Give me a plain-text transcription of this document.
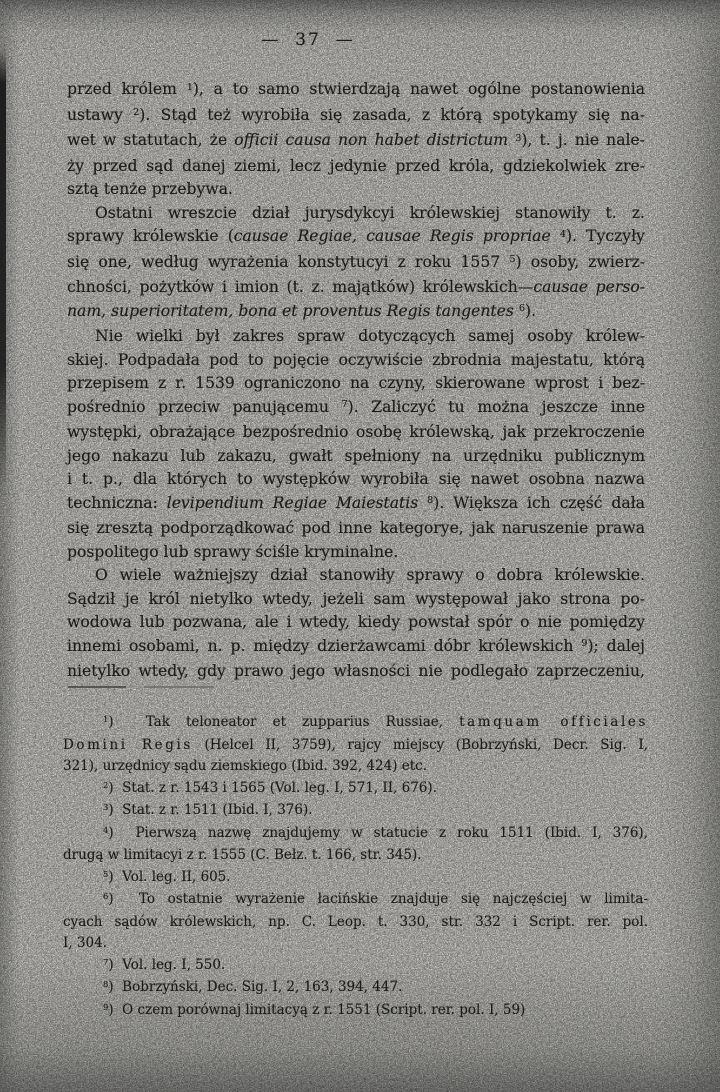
—  37  —
przed królem $^1$), a to samo stwierdzają nawet ogólne postanowienia
ustawy $^2$). Stąd też wyrobiła się zasada, z którą spotykamy się na-
wet w statutach, że officii causa non habet districtum $^3$), t. j. nie nale-
ży przed sąd danej ziemi, lecz jedynie przed króla, gdziekolwiek zre-
sztą tenże przebywa.
Ostatni wreszcie dział jurysdykcyi królewskiej stanowiły t. z.
sprawy królewskie (causae Regiae, causae Regis propriae $^4$). Tyczyły
się one, według wyrażenia konstytucyi z roku 1557 $^5$) osoby, zwierz-
chności, pożytków i imion (t. z. majątków) królewskich—causae perso-
nam, superioritatem, bona et proventus Regis tangentes $^6$).
Nie wielki był zakres spraw dotyczących samej osoby królew-
skiej. Podpadała pod to pojęcie oczywiście zbrodnia majestatu, którą
przepisem z r. 1539 ograniczono na czyny, skierowane wprost i bez-
pośrednio przeciw panującemu $^7$). Zaliczyć tu można jeszcze inne
występki, obrażające bezpośrednio osobę królewską, jak przekroczenie
jego nakazu lub zakazu, gwałt spełniony na urzędniku publicznym
i t. p., dla których to występków wyrobiła się nawet osobna nazwa
techniczna: levipendium Regiae Maiestatis $^8$). Większa ich część dała
się zresztą podporządkować pod inne kategorye, jak naruszenie prawa
pospolitego lub sprawy ściśle kryminalne.
O wiele ważniejszy dział stanowiły sprawy o dobra królewskie.
Sądził je król nietylko wtedy, jeżeli sam występował jako strona po-
wodowa lub pozwana, ale i wtedy, kiedy powstał spór o nie pomiędzy
innemi osobami, n. p. między dzierżawcami dóbr królewskich $^9$); dalej
nietylko wtedy, gdy prawo jego własności nie podlegało zaprzeczeniu,
$^1$)  Tak teloneator et zupparius Russiae, tamquam officiales
Domini Regis (Helcel II, 3759), rajcy miejscy (Bobrzyński, Decr. Sig. I,
321), urzędnicy sądu ziemskiego (Ibid. 392, 424) etc.
$^2$)  Stat. z r. 1543 i 1565 (Vol. leg. I, 571, II, 676).
$^3$)  Stat. z r. 1511 (Ibid. I, 376).
$^4$)  Pierwszą nazwę znajdujemy w statucie z roku 1511 (Ibid. I, 376),
drugą w limitacyi z r. 1555 (C. Bełz. t. 166, str. 345).
$^5$)  Vol. leg. II, 605.
$^6$)  To ostatnie wyrażenie łacińskie znajduje się najczęściej w limita-
cyach sądów królewskich, np. C. Leop. t. 330, str. 332 i Script. rer. pol.
I, 304.
$^7$)  Vol. leg. I, 550.
$^8$)  Bobrzyński, Dec. Sig. I, 2, 163, 394, 447.
$^9$)  O czem porównaj limitacyą z r. 1551 (Script. rer. pol. I, 59)
